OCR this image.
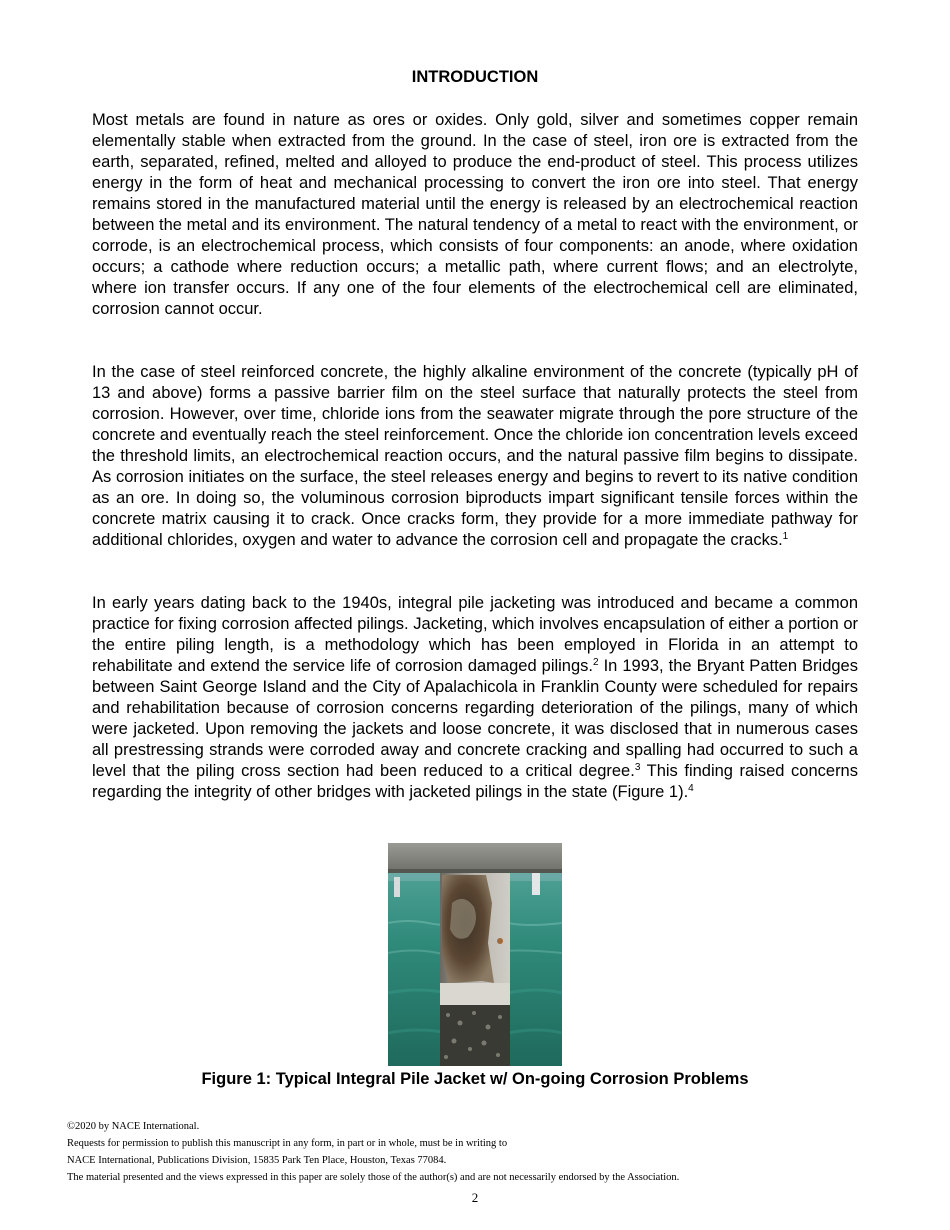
INTRODUCTION

Most metals are found in nature as ores or oxides. Only gold, silver and sometimes copper remain elementally stable when extracted from the ground. In the case of steel, iron ore is extracted from the earth, separated, refined, melted and alloyed to produce the end-product of steel. This process utilizes energy in the form of heat and mechanical processing to convert the iron ore into steel. That energy remains stored in the manufactured material until the energy is released by an electrochemical reaction between the metal and its environment. The natural tendency of a metal to react with the environment, or corrode, is an electrochemical process, which consists of four components: an anode, where oxidation occurs; a cathode where reduction occurs; a metallic path, where current flows; and an electrolyte, where ion transfer occurs. If any one of the four elements of the electrochemical cell are eliminated, corrosion cannot occur.

In the case of steel reinforced concrete, the highly alkaline environment of the concrete (typically pH of 13 and above) forms a passive barrier film on the steel surface that naturally protects the steel from corrosion. However, over time, chloride ions from the seawater migrate through the pore structure of the concrete and eventually reach the steel reinforcement. Once the chloride ion concentration levels exceed the threshold limits, an electrochemical reaction occurs, and the natural passive film begins to dissipate. As corrosion initiates on the surface, the steel releases energy and begins to revert to its native condition as an ore. In doing so, the voluminous corrosion biproducts impart significant tensile forces within the concrete matrix causing it to crack. Once cracks form, they provide for a more immediate pathway for additional chlorides, oxygen and water to advance the corrosion cell and propagate the cracks.$^1$

In early years dating back to the 1940s, integral pile jacketing was introduced and became a common practice for fixing corrosion affected pilings. Jacketing, which involves encapsulation of either a portion or the entire piling length, is a methodology which has been employed in Florida in an attempt to rehabilitate and extend the service life of corrosion damaged pilings.$^2$ In 1993, the Bryant Patten Bridges between Saint George Island and the City of Apalachicola in Franklin County were scheduled for repairs and rehabilitation because of corrosion concerns regarding deterioration of the pilings, many of which were jacketed. Upon removing the jackets and loose concrete, it was disclosed that in numerous cases all prestressing strands were corroded away and concrete cracking and spalling had occurred to such a level that the piling cross section had been reduced to a critical degree.$^3$ This finding raised concerns regarding the integrity of other bridges with jacketed pilings in the state (Figure 1).$^4$

Figure 1: Typical Integral Pile Jacket w/ On-going Corrosion Problems
©2020 by NACE International.
Requests for permission to publish this manuscript in any form, in part or in whole, must be in writing to
NACE International, Publications Division, 15835 Park Ten Place, Houston, Texas 77084.
The material presented and the views expressed in this paper are solely those of the author(s) and are not necessarily endorsed by the Association.
2
